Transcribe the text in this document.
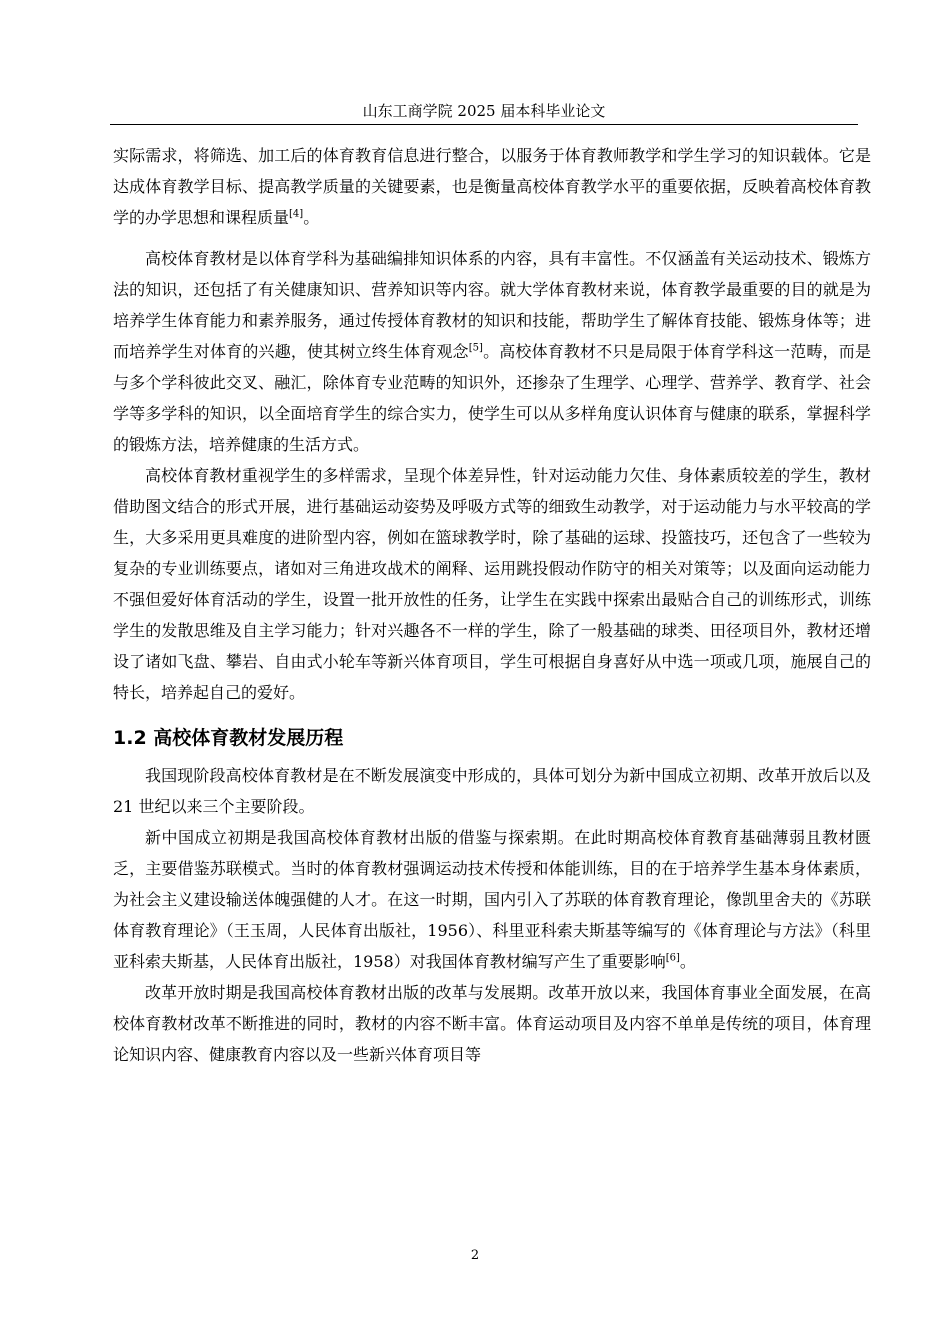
山东工商学院 2025 届本科毕业论文

实际需求，将筛选、加工后的体育教育信息进行整合，以服务于体育教师教学和学生学习的知识载体。它是达成体育教学目标、提高教学质量的关键要素，也是衡量高校体育教学水平的重要依据，反映着高校体育教学的办学思想和课程质量[4]。

高校体育教材是以体育学科为基础编排知识体系的内容，具有丰富性。不仅涵盖有关运动技术、锻炼方法的知识，还包括了有关健康知识、营养知识等内容。就大学体育教材来说，体育教学最重要的目的就是为培养学生体育能力和素养服务，通过传授体育教材的知识和技能，帮助学生了解体育技能、锻炼身体等；进而培养学生对体育的兴趣，使其树立终生体育观念[5]。高校体育教材不只是局限于体育学科这一范畴，而是与多个学科彼此交叉、融汇，除体育专业范畴的知识外，还掺杂了生理学、心理学、营养学、教育学、社会学等多学科的知识，以全面培育学生的综合实力，使学生可以从多样角度认识体育与健康的联系，掌握科学的锻炼方法，培养健康的生活方式。

高校体育教材重视学生的多样需求，呈现个体差异性，针对运动能力欠佳、身体素质较差的学生，教材借助图文结合的形式开展，进行基础运动姿势及呼吸方式等的细致生动教学，对于运动能力与水平较高的学生，大多采用更具难度的进阶型内容，例如在篮球教学时，除了基础的运球、投篮技巧，还包含了一些较为复杂的专业训练要点，诸如对三角进攻战术的阐释、运用跳投假动作防守的相关对策等；以及面向运动能力不强但爱好体育活动的学生，设置一批开放性的任务，让学生在实践中探索出最贴合自己的训练形式，训练学生的发散思维及自主学习能力；针对兴趣各不一样的学生，除了一般基础的球类、田径项目外，教材还增设了诸如飞盘、攀岩、自由式小轮车等新兴体育项目，学生可根据自身喜好从中选一项或几项，施展自己的特长，培养起自己的爱好。

1.2 高校体育教材发展历程

我国现阶段高校体育教材是在不断发展演变中形成的，具体可划分为新中国成立初期、改革开放后以及 21 世纪以来三个主要阶段。

新中国成立初期是我国高校体育教材出版的借鉴与探索期。在此时期高校体育教育基础薄弱且教材匮乏，主要借鉴苏联模式。当时的体育教材强调运动技术传授和体能训练，目的在于培养学生基本身体素质，为社会主义建设输送体魄强健的人才。在这一时期，国内引入了苏联的体育教育理论，像凯里舍夫的《苏联体育教育理论》（王玉周，人民体育出版社，1956）、科里亚科索夫斯基等编写的《体育理论与方法》（科里亚科索夫斯基，人民体育出版社，1958）对我国体育教材编写产生了重要影响[6]。

改革开放时期是我国高校体育教材出版的改革与发展期。改革开放以来，我国体育事业全面发展，在高校体育教材改革不断推进的同时，教材的内容不断丰富。体育运动项目及内容不单单是传统的项目，体育理论知识内容、健康教育内容以及一些新兴体育项目等

2
